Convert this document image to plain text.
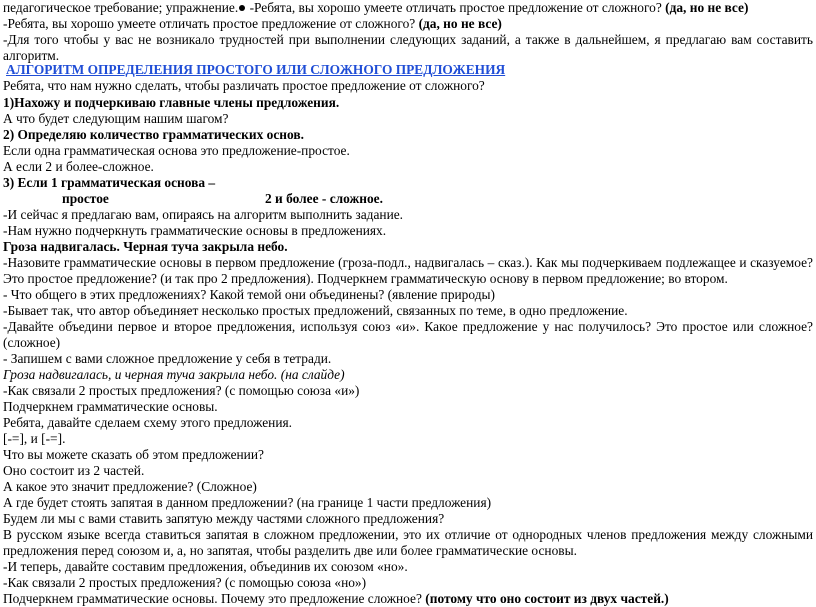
педагогическое требование; упражнение. -Ребята, вы хорошо умеете отличать простое предложение от сложного? (да, но не все)
-Ребята, вы хорошо умеете отличать простое предложение от сложного? (да, но не все)
-Для того чтобы у вас не возникало трудностей при выполнении следующих заданий, а также в дальнейшем, я предлагаю вам составить алгоритм.
АЛГОРИТМ ОПРЕДЕЛЕНИЯ ПРОСТОГО ИЛИ СЛОЖНОГО ПРЕДЛОЖЕНИЯ
Ребята, что нам нужно сделать, чтобы различать простое предложение от сложного?
1)Нахожу и подчеркиваю главные члены предложения.
А что будет следующим нашим шагом?
2) Определяю количество грамматических основ.
Если одна грамматическая основа это предложение-простое.
А если 2 и более-сложное.
3) Если 1 грамматическая основа –
простое	2 и более - сложное.
-И сейчас я предлагаю вам, опираясь на алгоритм выполнить задание.
-Нам нужно подчеркнуть грамматические основы в предложениях.
Гроза надвигалась. Черная туча закрыла небо.
-Назовите грамматические основы в первом предложение (гроза-подл., надвигалась – сказ.). Как мы подчеркиваем подлежащее и сказуемое? Это простое предложение? (и так про 2 предложения). Подчеркнем грамматическую основу в первом предложение; во втором.
- Что общего в этих предложениях? Какой темой они объединены? (явление природы)
-Бывает так, что автор объединяет несколько простых предложений, связанных по теме, в одно предложение.
-Давайте объедини первое и второе предложения, используя союз «и». Какое предложение у нас получилось? Это простое или сложное? (сложное)
- Запишем с вами сложное предложение у себя в тетради.
Гроза надвигалась, и черная туча закрыла небо. (на слайде)
-Как связали 2 простых предложения? (с помощью союза «и»)
Подчеркнем грамматические основы.
Ребята, давайте сделаем схему этого предложения.
[-=], и [-=].
Что вы можете сказать об этом предложении?
Оно состоит из 2 частей.
А какое это значит предложение? (Сложное)
А где будет стоять запятая в данном предложении? (на границе 1 части предложения)
Будем ли мы с вами ставить запятую между частями сложного предложения?
В русском языке всегда ставиться запятая в сложном предложении, это их отличие от однородных членов предложения между сложными предложения перед союзом и, а, но запятая, чтобы разделить две или более грамматические основы.
-И теперь, давайте составим предложения, объединив их союзом «но».
-Как связали 2 простых предложения? (с помощью союза «но»)
Подчеркнем грамматические основы. Почему это предложение сложное? (потому что оно состоит из двух частей.)
